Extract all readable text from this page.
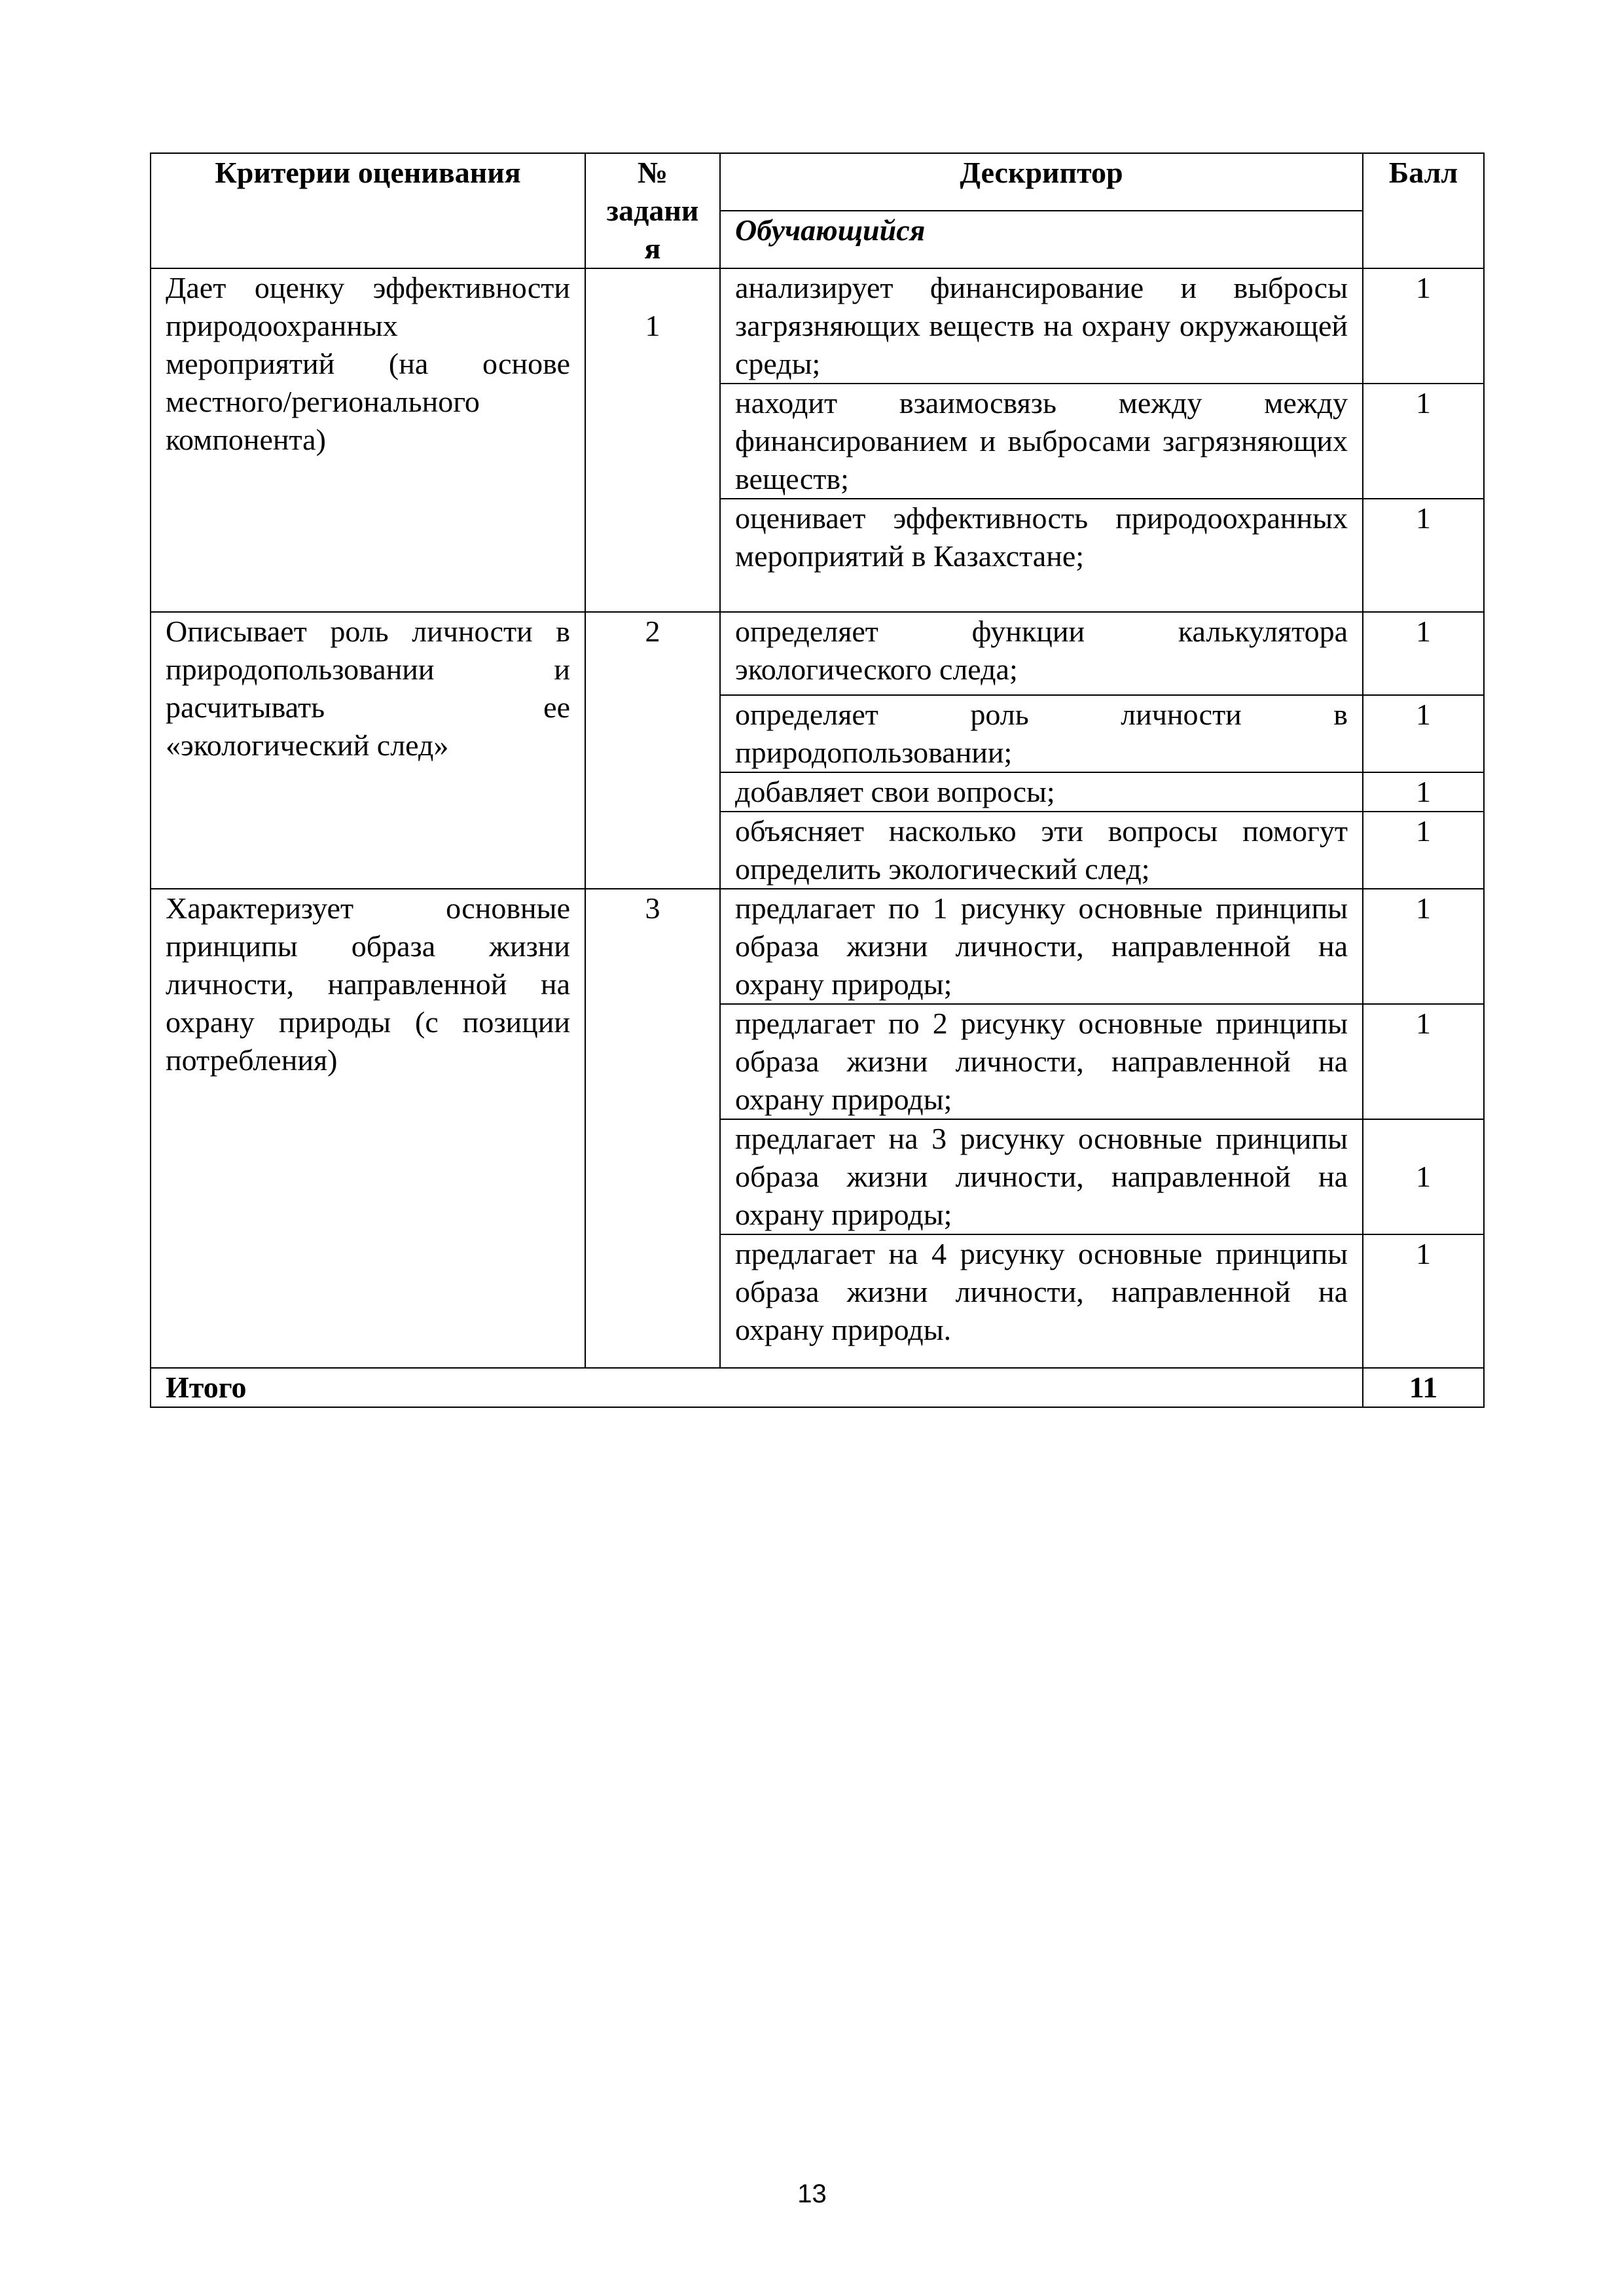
Критерии оценивания	№ задани я	Дескриптор	Балл
		Обучающийся	
Дает оценку эффективности природоохранных мероприятий (на основе местного/регионального компонента)	1	анализирует финансирование и выбросы загрязняющих веществ на охрану окружающей среды;	1
		находит взаимосвязь между между финансированием и выбросами загрязняющих веществ;	1
		оценивает эффективность природоохранных мероприятий в Казахстане;	1
Описывает роль личности в природопользовании и расчитывать ее «экологический след»	2	определяет функции калькулятора экологического следа;	1
		определяет роль личности в природопользовании;	1
		добавляет свои вопросы;	1
		объясняет насколько эти вопросы помогут определить экологический след;	1
Характеризует основные принципы образа жизни личности, направленной на охрану природы (с позиции потребления)	3	предлагает по 1 рисунку основные принципы образа жизни личности, направленной на охрану природы;	1
		предлагает по 2 рисунку основные принципы образа жизни личности, направленной на охрану природы;	1
		предлагает на 3 рисунку основные принципы образа жизни личности, направленной на охрану природы;	1
		предлагает на 4 рисунку основные принципы образа жизни личности, направленной на охрану природы.	1
Итого			11
13
